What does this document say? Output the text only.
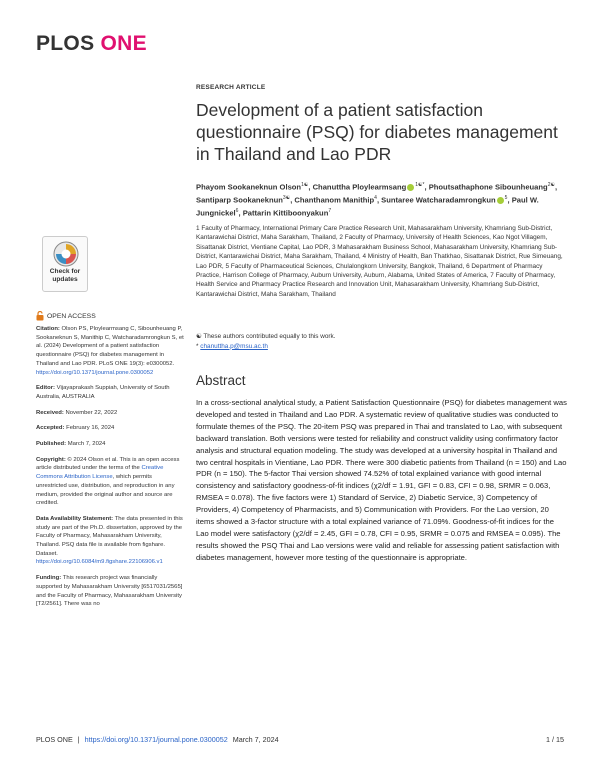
PLOS ONE
RESEARCH ARTICLE
Development of a patient satisfaction questionnaire (PSQ) for diabetes management in Thailand and Lao PDR
Phayom Sookaneknun Olson$^{1☯}$, Chanuttha Ploylearmsang $^{1☯*}$, Phoutsathaphone Sibounheuang$^{2☯}$, Santiparp Sookaneknun$^{3☯}$, Chanthanom Manithip$^4$, Suntaree Watcharadamrongkun $^5$, Paul W. Jungnickel$^6$, Pattarin Kittiboonyakun$^7$
1 Faculty of Pharmacy, International Primary Care Practice Research Unit, Mahasarakham University, Khamriang Sub-District, Kantarawichai District, Maha Sarakham, Thailand, 2 Faculty of Pharmacy, University of Health Sciences, Kao Ngot Villagem, Sisattanak District, Vientiane Capital, Lao PDR, 3 Mahasarakham Business School, Mahasarakham University, Khamriang Sub-District, Kantarawichai District, Maha Sarakham, Thailand, 4 Ministry of Health, Ban Thatkhao, Sisattanak District, Rue Simeuang, Lao PDR, 5 Faculty of Pharmaceutical Sciences, Chulalongkorn University, Bangkok, Thailand, 6 Department of Pharmacy Practice, Harrison College of Pharmacy, Auburn University, Auburn, Alabama, United States of America, 7 Faculty of Pharmacy, Health Service and Pharmacy Practice Research and Innovation Unit, Mahasarakham University, Khamriang Sub-District, Kantarawichai District, Maha Sarakham, Thailand
☯ These authors contributed equally to this work.
* chanuttha.p@msu.ac.th
Check for updates
OPEN ACCESS
Citation: Olson PS, Ploylearmsang C, Sibounheuang P, Sookaneknun S, Manithip C, Watcharadamrongkun S, et al. (2024) Development of a patient satisfaction questionnaire (PSQ) for diabetes management in Thailand and Lao PDR. PLoS ONE 19(3): e0300052. https://doi.org/10.1371/journal.pone.0300052
Editor: Vijayaprakash Suppiah, University of South Australia, AUSTRALIA
Received: November 22, 2022
Accepted: February 16, 2024
Published: March 7, 2024
Copyright: © 2024 Olson et al. This is an open access article distributed under the terms of the Creative Commons Attribution License, which permits unrestricted use, distribution, and reproduction in any medium, provided the original author and source are credited.
Data Availability Statement: The data presented in this study are part of the Ph.D. dissertation, approved by the Faculty of Pharmacy, Mahasarakham University, Thailand. PSQ data file is available from figshare. Dataset. https://doi.org/10.6084/m9.figshare.22106906.v1
Funding: This research project was financially supported by Mahasarakham University [6517031/2565] and the Faculty of Pharmacy, Mahasarakham University [T2/2561]. There was no
Abstract
In a cross-sectional analytical study, a Patient Satisfaction Questionnaire (PSQ) for diabetes management was developed and tested in Thailand and Lao PDR. A systematic review of qualitative studies was conducted to formulate themes of the PSQ. The 20-item PSQ was prepared in Thai and translated to Lao, with subsequent backward translation. Both versions were tested for reliability and construct validity using confirmatory factor analysis and structural equation modeling. The study was developed at a university hospital in Thailand and two central hospitals in Vientiane, Lao PDR. There were 300 diabetic patients from Thailand (n = 150) and Lao PDR (n = 150). The 5-factor Thai version showed 74.52% of total explained variance with good internal consistency and satisfactory goodness-of-fit indices (χ2/df = 1.91, GFI = 0.83, CFI = 0.98, SRMR = 0.063, RMSEA = 0.078). The five factors were 1) Standard of Service, 2) Diabetic Service, 3) Competency of Providers, 4) Competency of Pharmacists, and 5) Communication with Providers. For the Lao version, 20 items showed a 3-factor structure with a total explained variance of 71.09%. Goodness-of-fit indices for the Lao model were satisfactory (χ2/df = 2.45, GFI = 0.78, CFI = 0.95, SRMR = 0.075 and RMSEA = 0.095). The results showed the PSQ Thai and Lao versions were valid and reliable for assessing patient satisfaction with diabetes management, however more testing of the questionnaire is appropriate.
PLOS ONE | https://doi.org/10.1371/journal.pone.0300052 March 7, 2024	1 / 15
